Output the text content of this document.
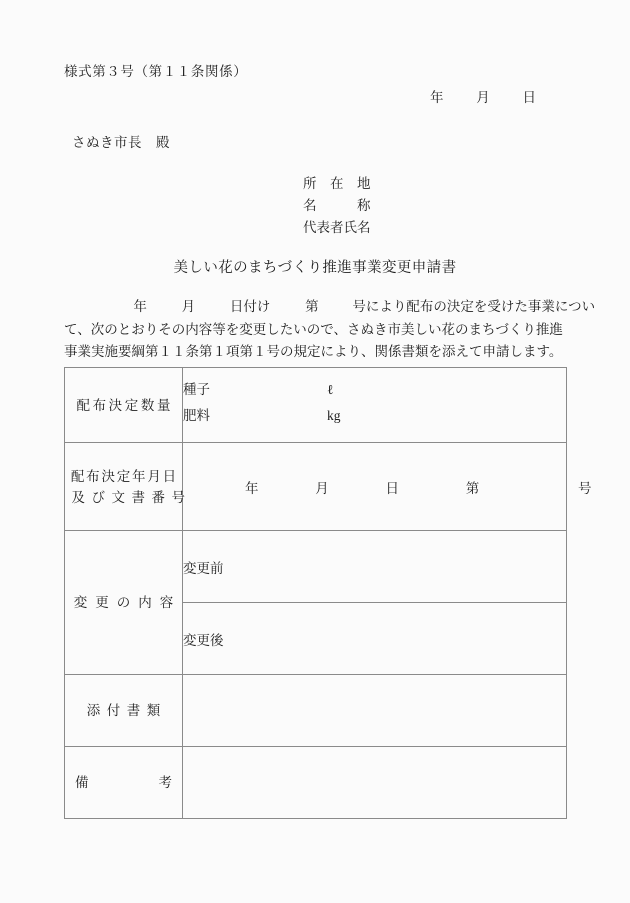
様式第３号（第１１条関係）
年 月 日
さぬき市長　殿
所　在　地
名　　　称
代表者氏名
美しい花のまちづくり推進事業変更申請書
年	月	日付け	第	号により配布の決定を受けた事業につい
て、次のとおりその内容等を変更したいので、さぬき市美しい花のまちづくり推進
事業実施要綱第１１条第１項第１号の規定により、関係書類を添えて申請します。
配布決定数量	種子 ℓ
肥料 kg

配布決定年月日
及び文書番号	年 月 日 第 号

変更の内容	変更前

	変更後

添付書類	

備 考	
